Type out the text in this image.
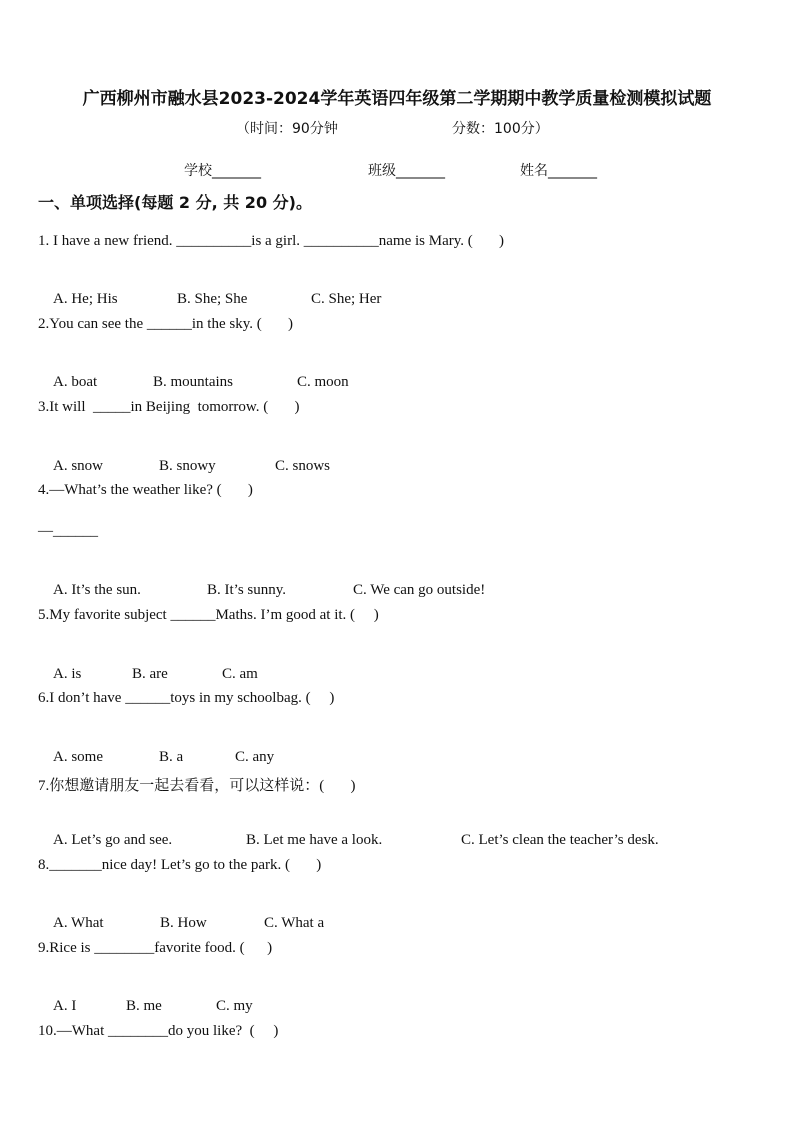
广西柳州市融水县2023-2024学年英语四年级第二学期期中教学质量检测模拟试题
（时间：90分钟	分数：100分）
学校_______	班级_______	姓名_______
一、单项选择(每题 2 分, 共 20 分)。
1. I have a new friend. __________is a girl. __________name is Mary. (       )

A. He; His	B. She; She	C. She; Her

2.You can see the ______in the sky. (       )

A. boat	B. mountains	C. moon

3.It will  _____in Beijing  tomorrow. (       )

A. snow	B. snowy	C. snows

4.—What’s the weather like? (       )
—______

A. It’s the sun.	B. It’s sunny.	C. We can go outside!

5.My favorite subject ______Maths. I’m good at it. (     )

A. is	B. are	C. am

6.I don’t have ______toys in my schoolbag. (     )

A. some	B. a	C. any

7.你想邀请朋友一起去看看，可以这样说：(       )

A. Let’s go and see.	B. Let me have a look.	C. Let’s clean the teacher’s desk.

8._______nice day! Let’s go to the park. (       )

A. What	B. How	C. What a

9.Rice is ________favorite food. (      )

A. I	B. me	C. my

10.—What ________do you like?  (     )
